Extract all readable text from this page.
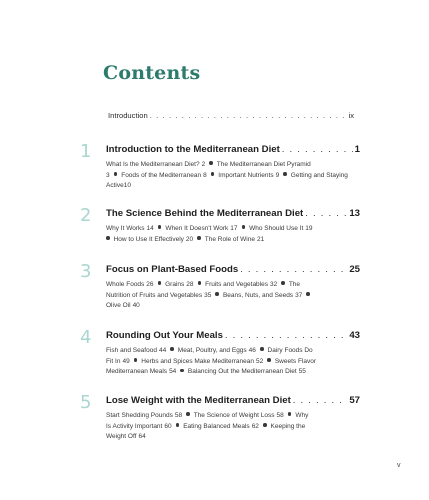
Contents
Introduction . . .	ix
1 Introduction to the Mediterranean Diet . . .	1
What Is the Mediterranean Diet? 2 The Mediterranean Diet Pyramid
3 Foods of the Mediterranean 8 Important Nutrients 9 Getting and Staying Active10
2 The Science Behind the Mediterranean Diet . . .	13
Why It Works 14 When It Doesn't Work 17 Who Should Use It 19
How to Use It Effectively 20 The Role of Wine 21
3 Focus on Plant-Based Foods . . .	25
Whole Foods 26 Grains 28 Fruits and Vegetables 32 The
Nutrition of Fruits and Vegetables 35 Beans, Nuts, and Seeds 37
Olive Oil 40
4 Rounding Out Your Meals . . .	43
Fish and Seafood 44 Meat, Poultry, and Eggs 46 Dairy Foods Do
Fit In 49 Herbs and Spices Make Mediterranean 52 Sweets Flavor
Mediterranean Meals 54 Balancing Out the Mediterranean Diet 55
5 Lose Weight with the Mediterranean Diet . . .	57
Start Shedding Pounds 58 The Science of Weight Loss 58 Why
Is Activity Important 60 Eating Balanced Meals 62 Keeping the
Weight Off 64
v
